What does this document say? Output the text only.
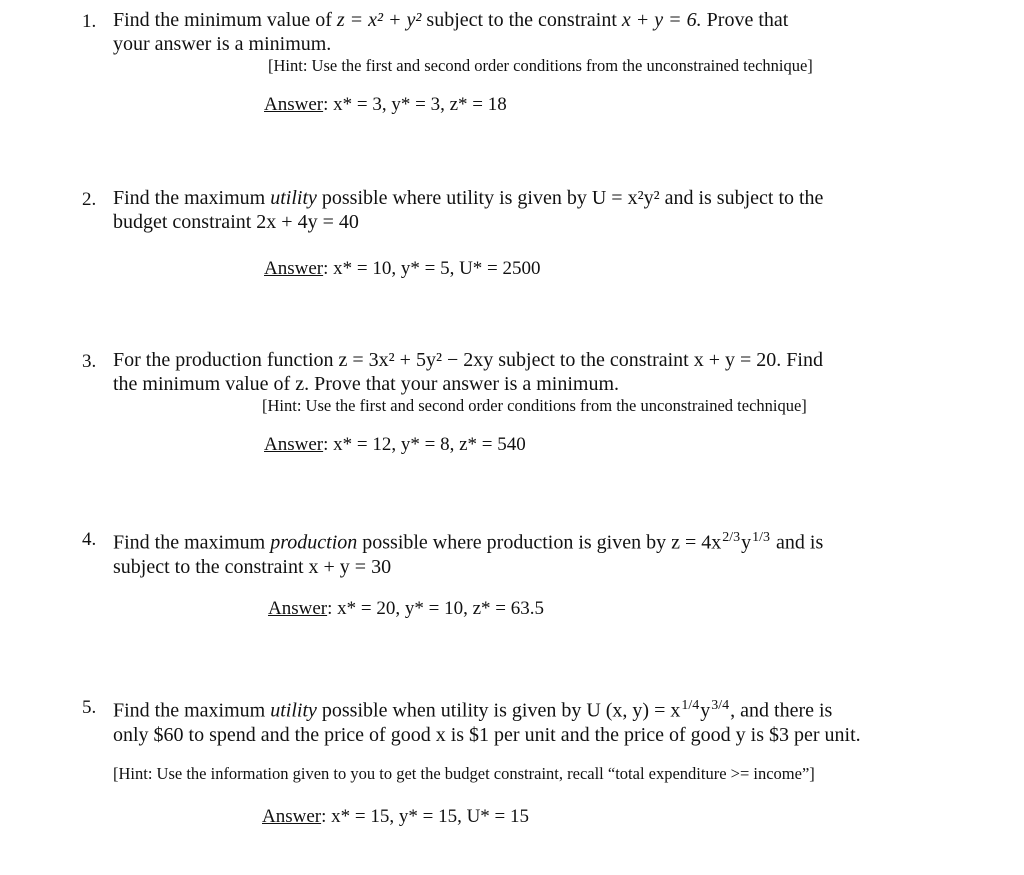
1. Find the minimum value of z = x² + y² subject to the constraint x + y = 6. Prove that
your answer is a minimum.
[Hint: Use the first and second order conditions from the unconstrained technique]
Answer: x* = 3, y* = 3, z* = 18
2. Find the maximum utility possible where utility is given by U = x²y² and is subject to the
budget constraint 2x + 4y = 40
Answer: x* = 10, y* = 5, U* = 2500
3. For the production function z = 3x² + 5y² − 2xy subject to the constraint x + y = 20. Find
the minimum value of z. Prove that your answer is a minimum.
[Hint: Use the first and second order conditions from the unconstrained technique]
Answer: x* = 12, y* = 8, z* = 540
4. Find the maximum production possible where production is given by z = 4x2/3y1/3 and is
subject to the constraint x + y = 30
Answer: x* = 20, y* = 10, z* = 63.5
5. Find the maximum utility possible when utility is given by U (x, y) = x1/4y3/4, and there is
only $60 to spend and the price of good x is $1 per unit and the price of good y is $3 per unit.
[Hint: Use the information given to you to get the budget constraint, recall “total expenditure >= income”]
Answer: x* = 15, y* = 15, U* = 15
